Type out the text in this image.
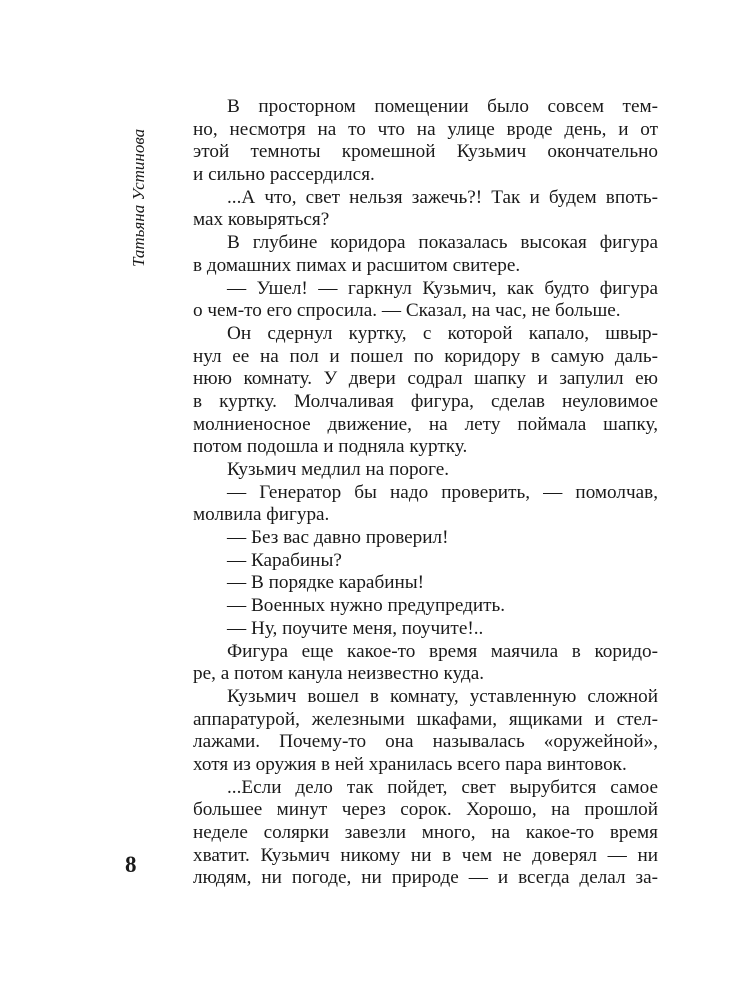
Татьяна Устинова
8
В просторном помещении было совсем тем-
но, несмотря на то что на улице вроде день, и от
этой темноты кромешной Кузьмич окончательно
и сильно рассердился.
...А что, свет нельзя зажечь?! Так и будем впоть-
мах ковыряться?
В глубине коридора показалась высокая фигура
в домашних пимах и расшитом свитере.
— Ушел! — гаркнул Кузьмич, как будто фигура
о чем-то его спросила. — Сказал, на час, не больше.
Он сдернул куртку, с которой капало, швыр-
нул ее на пол и пошел по коридору в самую даль-
нюю комнату. У двери содрал шапку и запулил ею
в куртку. Молчаливая фигура, сделав неуловимое
молниеносное движение, на лету поймала шапку,
потом подошла и подняла куртку.
Кузьмич медлил на пороге.
— Генератор бы надо проверить, — помолчав,
молвила фигура.
— Без вас давно проверил!
— Карабины?
— В порядке карабины!
— Военных нужно предупредить.
— Ну, поучите меня, поучите!..
Фигура еще какое-то время маячила в коридо-
ре, а потом канула неизвестно куда.
Кузьмич вошел в комнату, уставленную сложной
аппаратурой, железными шкафами, ящиками и стел-
лажами. Почему-то она называлась «оружейной»,
хотя из оружия в ней хранилась всего пара винтовок.
...Если дело так пойдет, свет вырубится самое
большее минут через сорок. Хорошо, на прошлой
неделе солярки завезли много, на какое-то время
хватит. Кузьмич никому ни в чем не доверял — ни
людям, ни погоде, ни природе — и всегда делал за-
